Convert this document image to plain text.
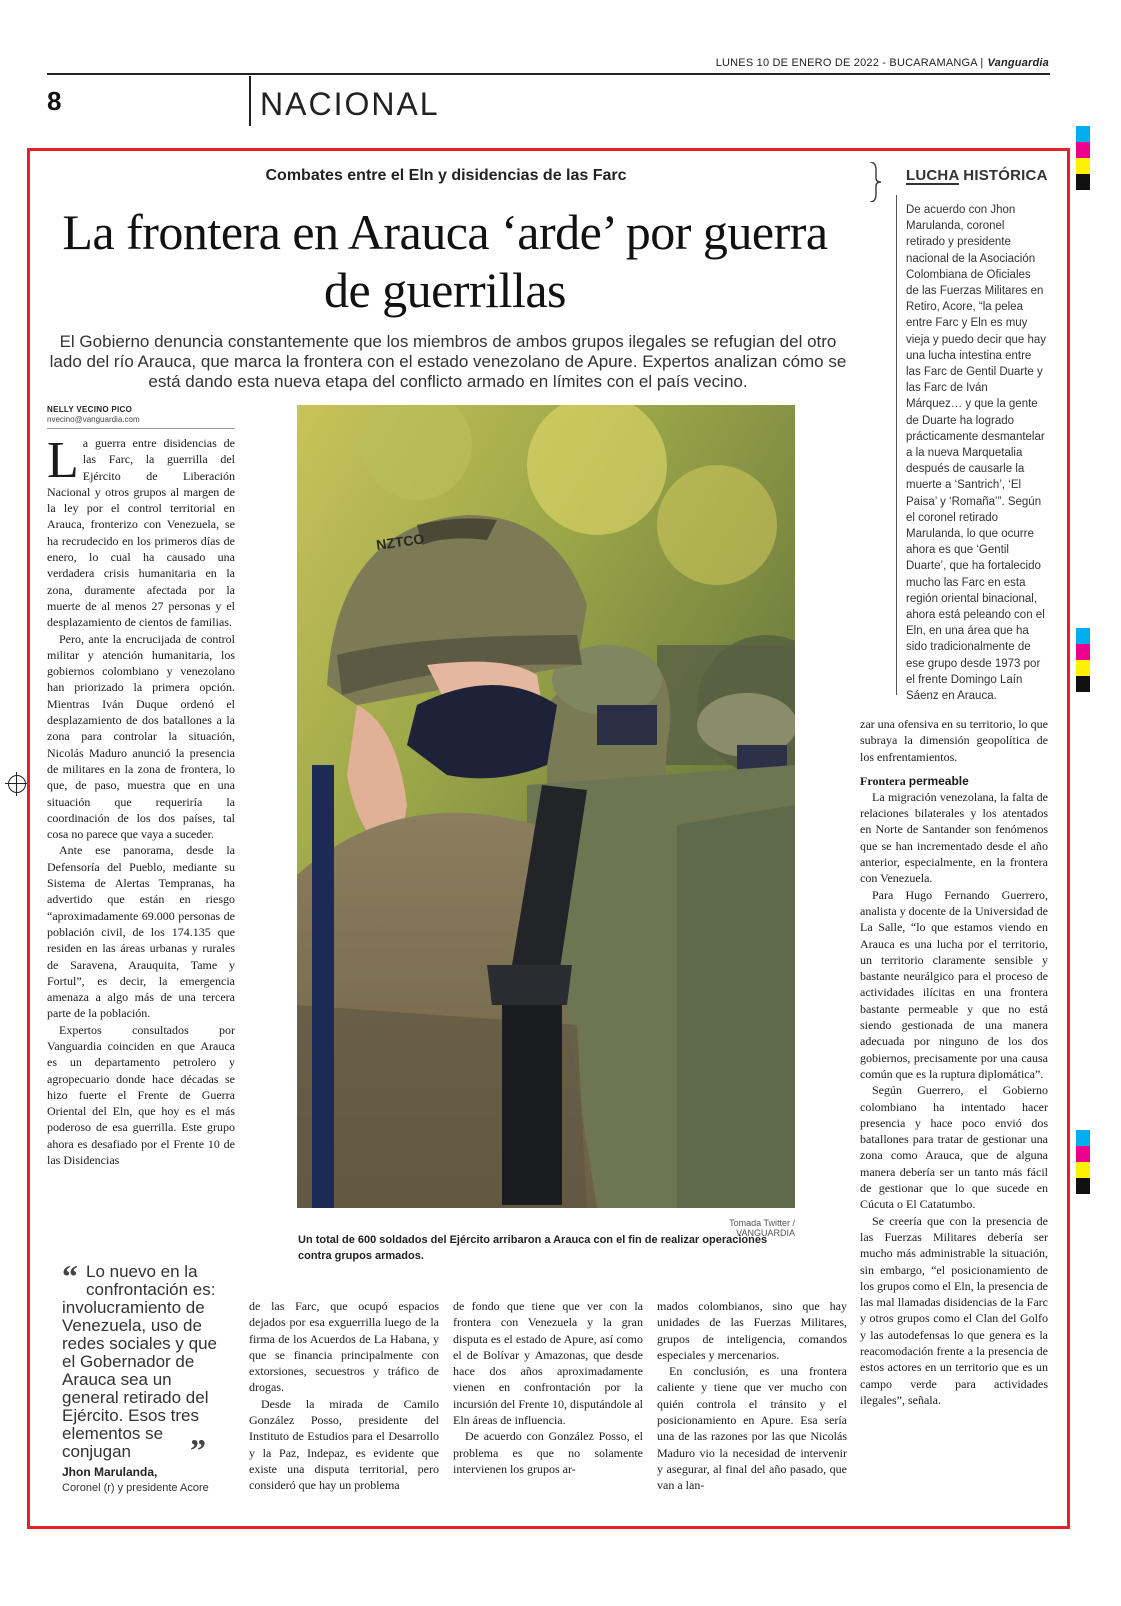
8	NACIONAL
LUNES 10 DE ENERO DE 2022 - BUCARAMANGA | Vanguardia
Combates entre el Eln y disidencias de las Farc
La frontera en Arauca ‘arde’ por guerra de guerrillas
El Gobierno denuncia constantemente que los miembros de ambos grupos ilegales se refugian del otro lado del río Arauca, que marca la frontera con el estado venezolano de Apure. Expertos analizan cómo se está dando esta nueva etapa del conflicto armado en límites con el país vecino.
NELLY VECINO PICO
nvecino@vanguardia.com

La guerra entre disidencias de las Farc, la guerrilla del Ejército de Liberación Nacional y otros grupos al margen de la ley por el control territorial en Arauca, fronterizo con Venezuela, se ha recrudecido en los primeros días de enero, lo cual ha causado una verdadera crisis humanitaria en la zona, duramente afectada por la muerte de al menos 27 personas y el desplazamiento de cientos de familias.

Pero, ante la encrucijada de control militar y atención humanitaria, los gobiernos colombiano y venezolano han priorizado la primera opción. Mientras Iván Duque ordenó el desplazamiento de dos batallones a la zona para controlar la situación, Nicolás Maduro anunció la presencia de militares en la zona de frontera, lo que, de paso, muestra que en una situación que requeriría la coordinación de los dos países, tal cosa no parece que vaya a suceder.

Ante ese panorama, desde la Defensoría del Pueblo, mediante su Sistema de Alertas Tempranas, ha advertido que están en riesgo “aproximadamente 69.000 personas de población civil, de los 174.135 que residen en las áreas urbanas y rurales de Saravena, Arauquita, Tame y Fortul”, es decir, la emergencia amenaza a algo más de una tercera parte de la población.

Expertos consultados por Vanguardia coinciden en que Arauca es un departamento petrolero y agropecuario donde hace décadas se hizo fuerte el Frente de Guerra Oriental del Eln, que hoy es el más poderoso de esa guerrilla. Este grupo ahora es desafiado por el Frente 10 de las Disidencias

NZTCO
Tomada Twitter / VANGUARDIA
Un total de 600 soldados del Ejército arribaron a Arauca con el fin de realizar operaciones contra grupos armados.
“ Lo nuevo en la confrontación es: involucramiento de Venezuela, uso de redes sociales y que el Gobernador de Arauca sea un general retirado del Ejército. Esos tres elementos se conjugan	”
Jhon Marulanda,
Coronel (r) y presidente Acore

de las Farc, que ocupó espacios dejados por esa exguerrilla luego de la firma de los Acuerdos de La Habana, y que se financia principalmente con extorsiones, secuestros y tráfico de drogas.

Desde la mirada de Camilo González Posso, presidente del Instituto de Estudios para el Desarrollo y la Paz, Indepaz, es evidente que existe una disputa territorial, pero consideró que hay un problema

de fondo que tiene que ver con la frontera con Venezuela y la gran disputa es el estado de Apure, así como el de Bolívar y Amazonas, que desde hace dos años aproximadamente vienen en confrontación por la incursión del Frente 10, disputándole al Eln áreas de influencia.

De acuerdo con González Posso, el problema es que no solamente intervienen los grupos ar-

mados colombianos, sino que hay unidades de las Fuerzas Militares, grupos de inteligencia, comandos especiales y mercenarios.

En conclusión, es una frontera caliente y tiene que ver mucho con quién controla el tránsito y el posicionamiento en Apure. Esa sería una de las razones por las que Nicolás Maduro vio la necesidad de intervenir y asegurar, al final del año pasado, que van a lan-

zar una ofensiva en su territorio, lo que subraya la dimensión geopolítica de los enfrentamientos.

Frontera permeable

La migración venezolana, la falta de relaciones bilaterales y los atentados en Norte de Santander son fenómenos que se han incrementado desde el año anterior, especialmente, en la frontera con Venezuela.

Para Hugo Fernando Guerrero, analista y docente de la Universidad de La Salle, “lo que estamos viendo en Arauca es una lucha por el territorio, un territorio claramente sensible y bastante neurálgico para el proceso de actividades ilícitas en una frontera bastante permeable y que no está siendo gestionada de una manera adecuada por ninguno de los dos gobiernos, precisamente por una causa común que es la ruptura diplomática”.

Según Guerrero, el Gobierno colombiano ha intentado hacer presencia y hace poco envió dos batallones para tratar de gestionar una zona como Arauca, que de alguna manera debería ser un tanto más fácil de gestionar que lo que sucede en Cúcuta o El Catatumbo.

Se creería que con la presencia de las Fuerzas Militares debería ser mucho más administrable la situación, sin embargo, “el posicionamiento de los grupos como el Eln, la presencia de las mal llamadas disidencias de la Farc y otros grupos como el Clan del Golfo y las autodefensas lo que genera es la reacomodación frente a la presencia de estos actores en un territorio que es un campo verde para actividades ilegales”, señala.

LUCHA HISTÓRICA
De acuerdo con Jhon Marulanda, coronel retirado y presidente nacional de la Asociación Colombiana de Oficiales de las Fuerzas Militares en Retiro, Acore, “la pelea entre Farc y Eln es muy vieja y puedo decir que hay una lucha intestina entre las Farc de Gentil Duarte y las Farc de Iván Márquez… y que la gente de Duarte ha logrado prácticamente desmantelar a la nueva Marquetalia después de causarle la muerte a ‘Santrich’, ‘El Paisa’ y ‘Romaña’”. Según el coronel retirado Marulanda, lo que ocurre ahora es que ‘Gentil Duarte’, que ha fortalecido mucho las Farc en esta región oriental binacional, ahora está peleando con el Eln, en una área que ha sido tradicionalmente de ese grupo desde 1973 por el frente Domingo Laín Sáenz en Arauca.
